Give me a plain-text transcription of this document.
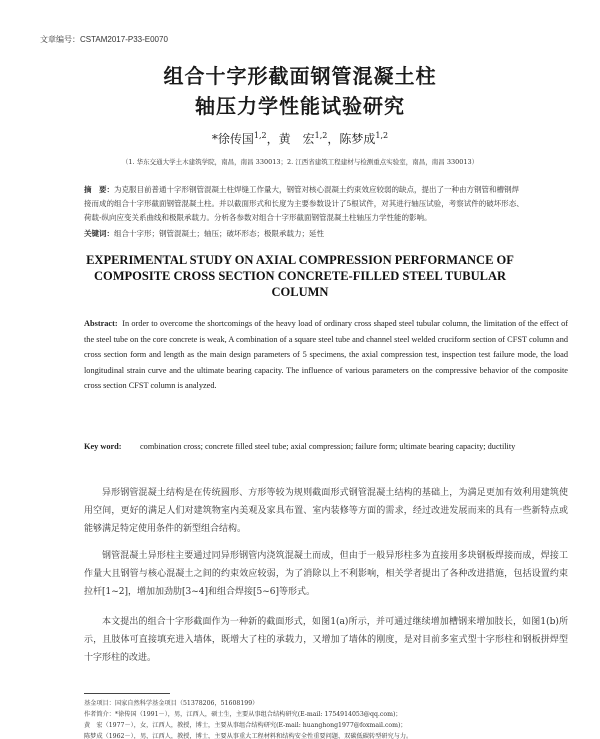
文章编号：CSTAM2017-P33-E0070
组合十字形截面钢管混凝土柱
轴压力学性能试验研究
*徐传国$^{1,2}$，黄　宏$^{1,2}$，陈梦成$^{1,2}$
（1. 华东交通大学土木建筑学院，南昌，南昌 330013；2. 江西省建筑工程建材与检测重点实验室，南昌，南昌 330013）
摘　要：为克服目前普通十字形钢管混凝土柱焊缝工作量大，钢管对核心混凝土约束效应较弱的缺点，提出了一种由方钢管和槽钢焊接而成的组合十字形截面钢管混凝土柱。并以截面形式和长度为主要参数设计了5根试件，对其进行轴压试验，考察试件的破坏形态、荷载-纵向应变关系曲线和极限承载力。分析各参数对组合十字形截面钢管混凝土柱轴压力学性能的影响。
关键词：组合十字形；钢管混凝土；轴压；破坏形态；极限承载力；延性
EXPERIMENTAL STUDY ON AXIAL COMPRESSION PERFORMANCE OF
COMPOSITE CROSS SECTION CONCRETE-FILLED STEEL TUBULAR
COLUMN
Abstract: In order to overcome the shortcomings of the heavy load of ordinary cross shaped steel tubular column, the limitation of the effect of the steel tube on the core concrete is weak, A combination of a square steel tube and channel steel welded cruciform section of CFST column and cross section form and length as the main design parameters of 5 specimens, the axial compression test, inspection test failure mode, the load longitudinal strain curve and the ultimate bearing capacity. The influence of various parameters on the compressive behavior of the composite cross section CFST column is analyzed.
Key word: combination cross; concrete filled steel tube; axial compression; failure form; ultimate bearing capacity; ductility
异形钢管混凝土结构是在传统圆形、方形等较为规则截面形式钢管混凝土结构的基础上，为満足更加有效利用建筑使用空间，更好的满足人们对建筑物室内美观及家具布置、室内装修等方面的需求，经过改进发展而来的具有一些新特点或能够满足特定使用条件的新型组合结构。
钢管混凝土异形柱主要通过同异形钢管内浇筑混凝土而成，但由于一般异形柱多为直接用多块钢板焊接而成，焊接工作量大且钢管与核心混凝土之间的约束效应较弱，为了消除以上不利影响，相关学者提出了各种改进措施，包括设置约束拉杆[1~2]，增加加劲肋[3~4]和组合焊接[5~6]等形式。
本文提出的组合十字形截面作为一种新的截面形式，如图1(a)所示，并可通过继续增加槽钢来增加肢长，如图1(b)所示，且肢体可直接填充进入墙体，既增大了柱的承载力，又增加了墙体的刚度，是对目前多室式型十字形柱和钢板拼焊型十字形柱的改进。
基金项目：国家自然科学基金项目（51378206，51608199）
作者简介：*徐传国（1991－），男，江西人，硕士生，主要从事组合结构研究(E-mail: 1754914053@qq.com)；
黄　宏（1977－），女，江西人，教授，博士，主要从事组合结构研究(E-mail: huanghong1977@foxmail.com)；
陈梦成（1962－），男，江西人，教授，博士，主要从事重大工程材料和结构安全性重要问题、双碳低碳转型研究与力。
